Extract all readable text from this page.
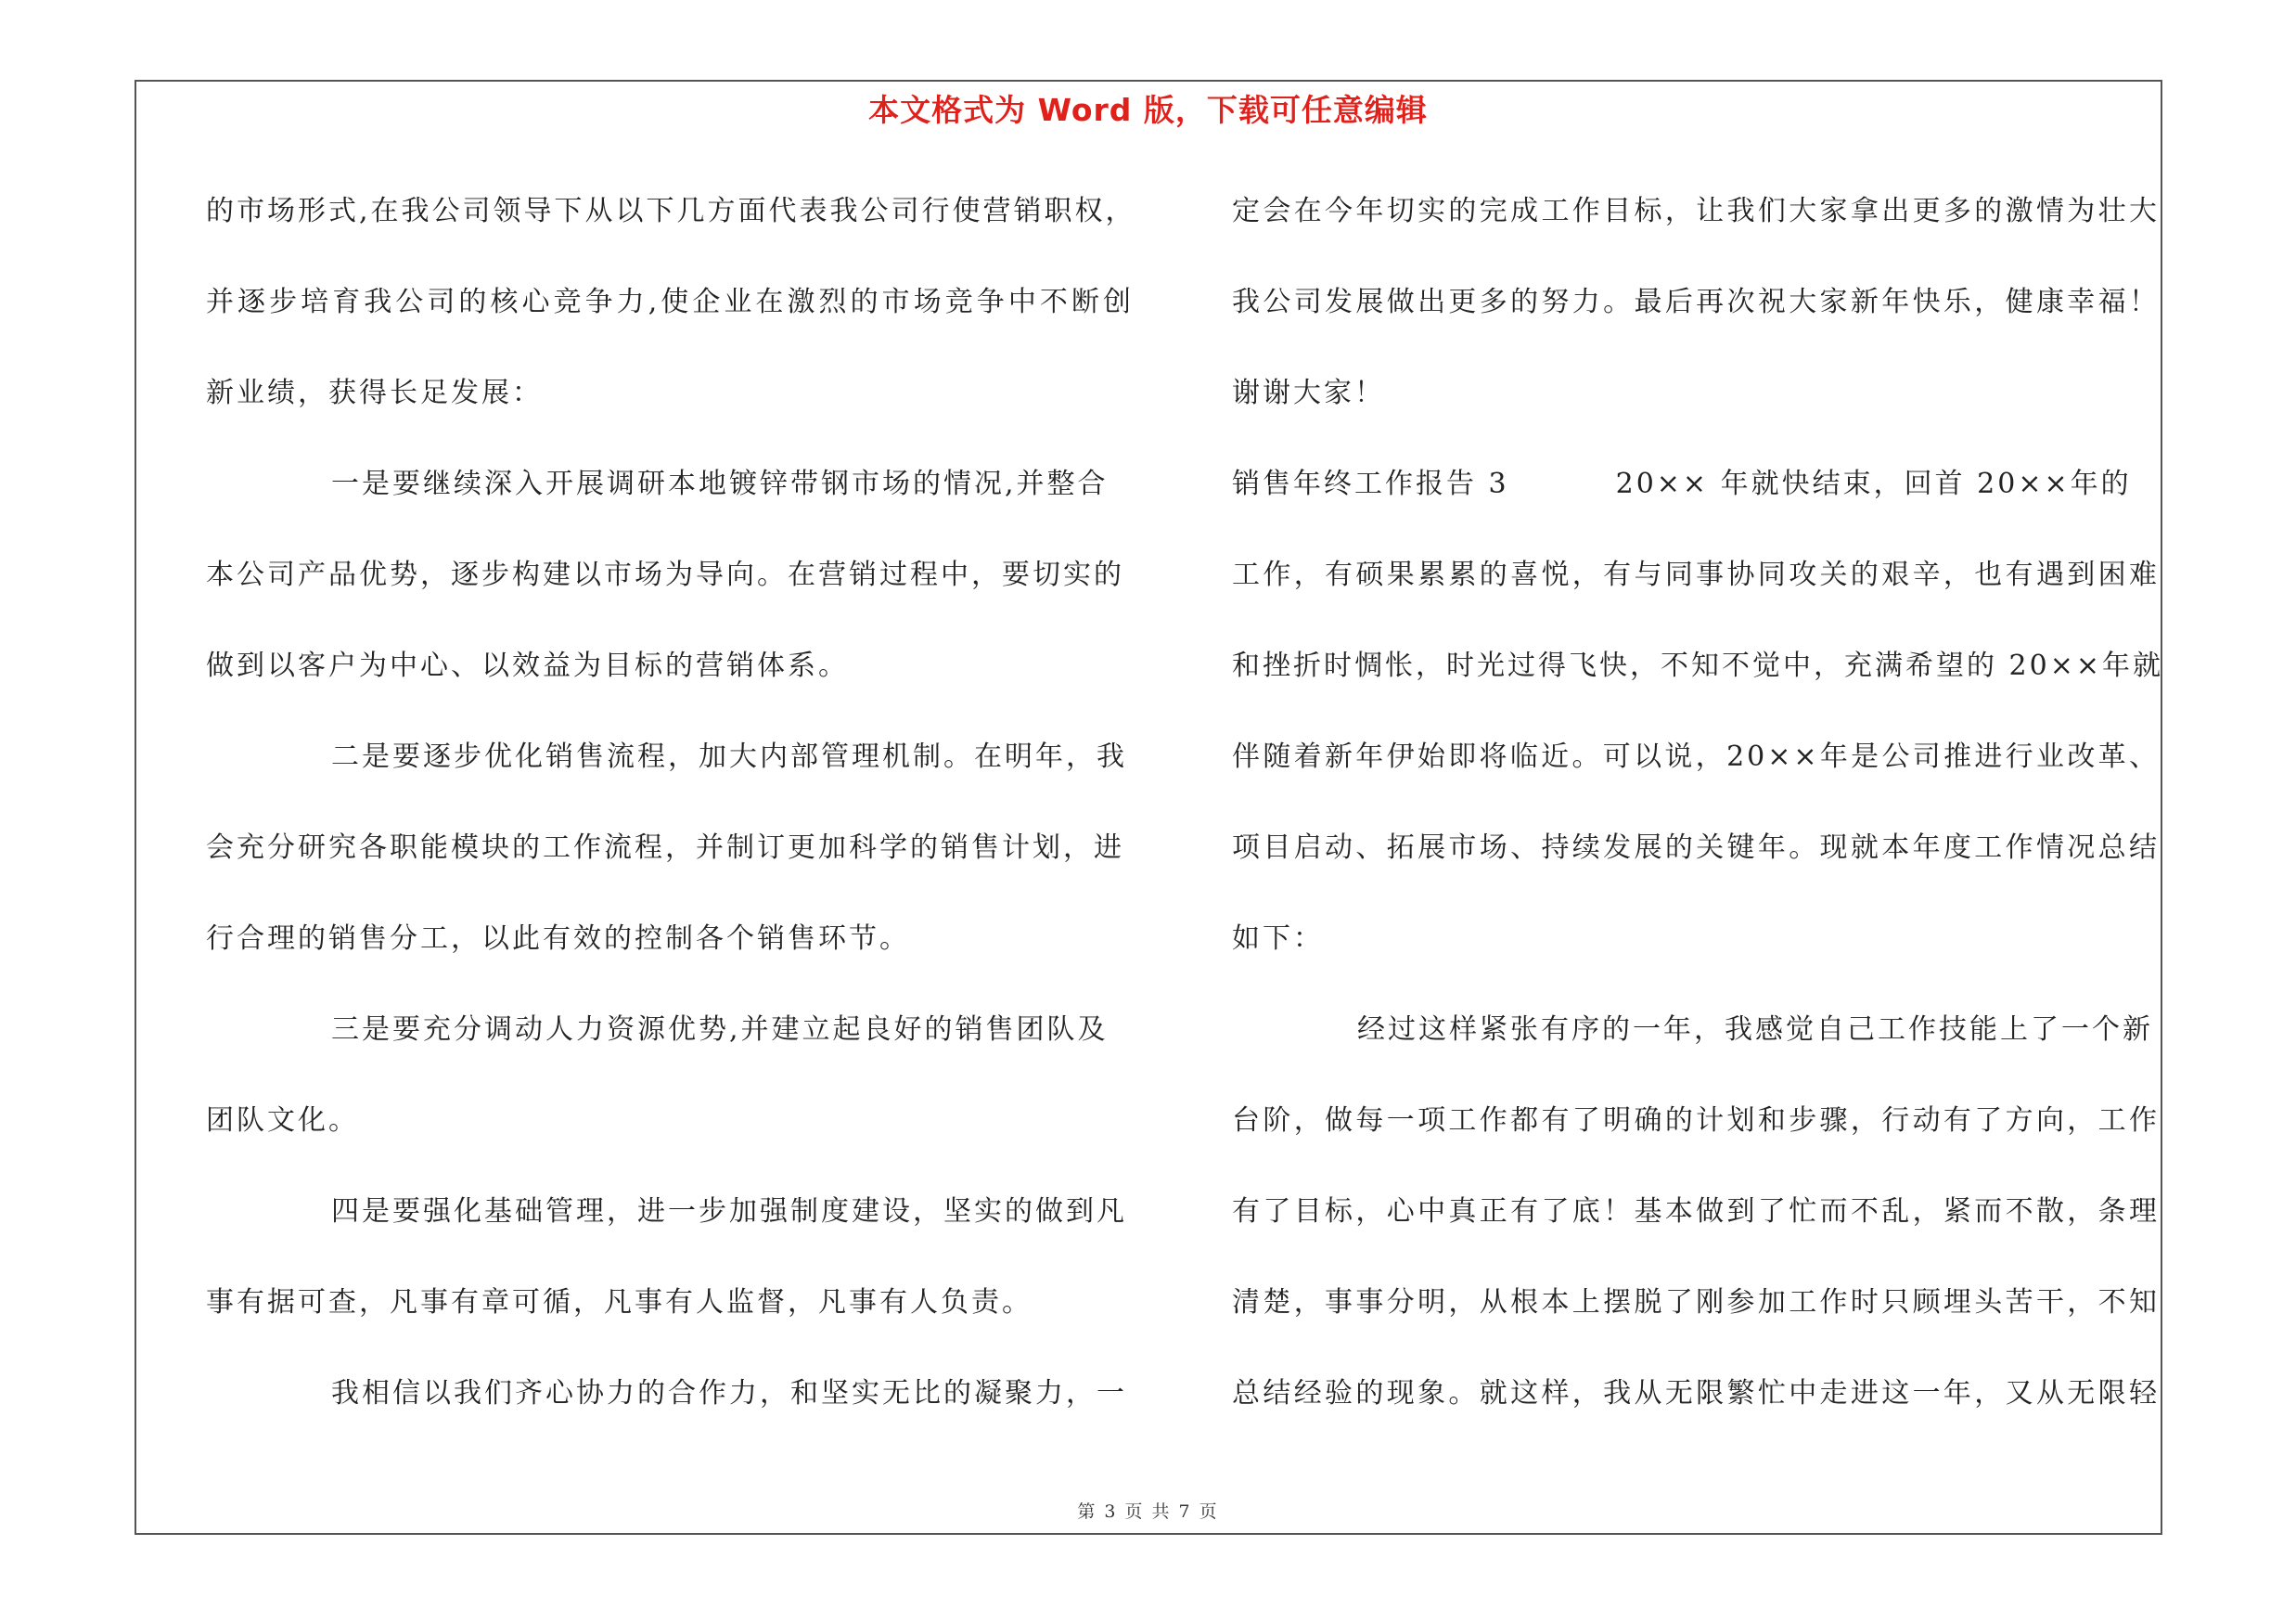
本文格式为 Word 版，下载可任意编辑
的市场形式,在我公司领导下从以下几方面代表我公司行使营销职权，
并逐步培育我公司的核心竞争力,使企业在激烈的市场竞争中不断创
新业绩，获得长足发展：
一是要继续深入开展调研本地镀锌带钢市场的情况,并整合
本公司产品优势，逐步构建以市场为导向。在营销过程中，要切实的
做到以客户为中心、以效益为目标的营销体系。
二是要逐步优化销售流程，加大内部管理机制。在明年，我
会充分研究各职能模块的工作流程，并制订更加科学的销售计划，进
行合理的销售分工，以此有效的控制各个销售环节。
三是要充分调动人力资源优势,并建立起良好的销售团队及
团队文化。
四是要强化基础管理，进一步加强制度建设，坚实的做到凡
事有据可查，凡事有章可循，凡事有人监督，凡事有人负责。
我相信以我们齐心协力的合作力，和坚实无比的凝聚力，一
定会在今年切实的完成工作目标，让我们大家拿出更多的激情为壮大
我公司发展做出更多的努力。最后再次祝大家新年快乐，健康幸福！
谢谢大家！
销售年终工作报告 3	20×× 年就快结束，回首 20××年的
工作，有硕果累累的喜悦，有与同事协同攻关的艰辛，也有遇到困难
和挫折时惆怅，时光过得飞快，不知不觉中，充满希望的 20××年就
伴随着新年伊始即将临近。可以说，20××年是公司推进行业改革、
项目启动、拓展市场、持续发展的关键年。现就本年度工作情况总结
如下：
经过这样紧张有序的一年，我感觉自己工作技能上了一个新
台阶，做每一项工作都有了明确的计划和步骤，行动有了方向，工作
有了目标，心中真正有了底！基本做到了忙而不乱，紧而不散，条理
清楚，事事分明，从根本上摆脱了刚参加工作时只顾埋头苦干，不知
总结经验的现象。就这样，我从无限繁忙中走进这一年，又从无限轻
第 3 页 共 7 页
